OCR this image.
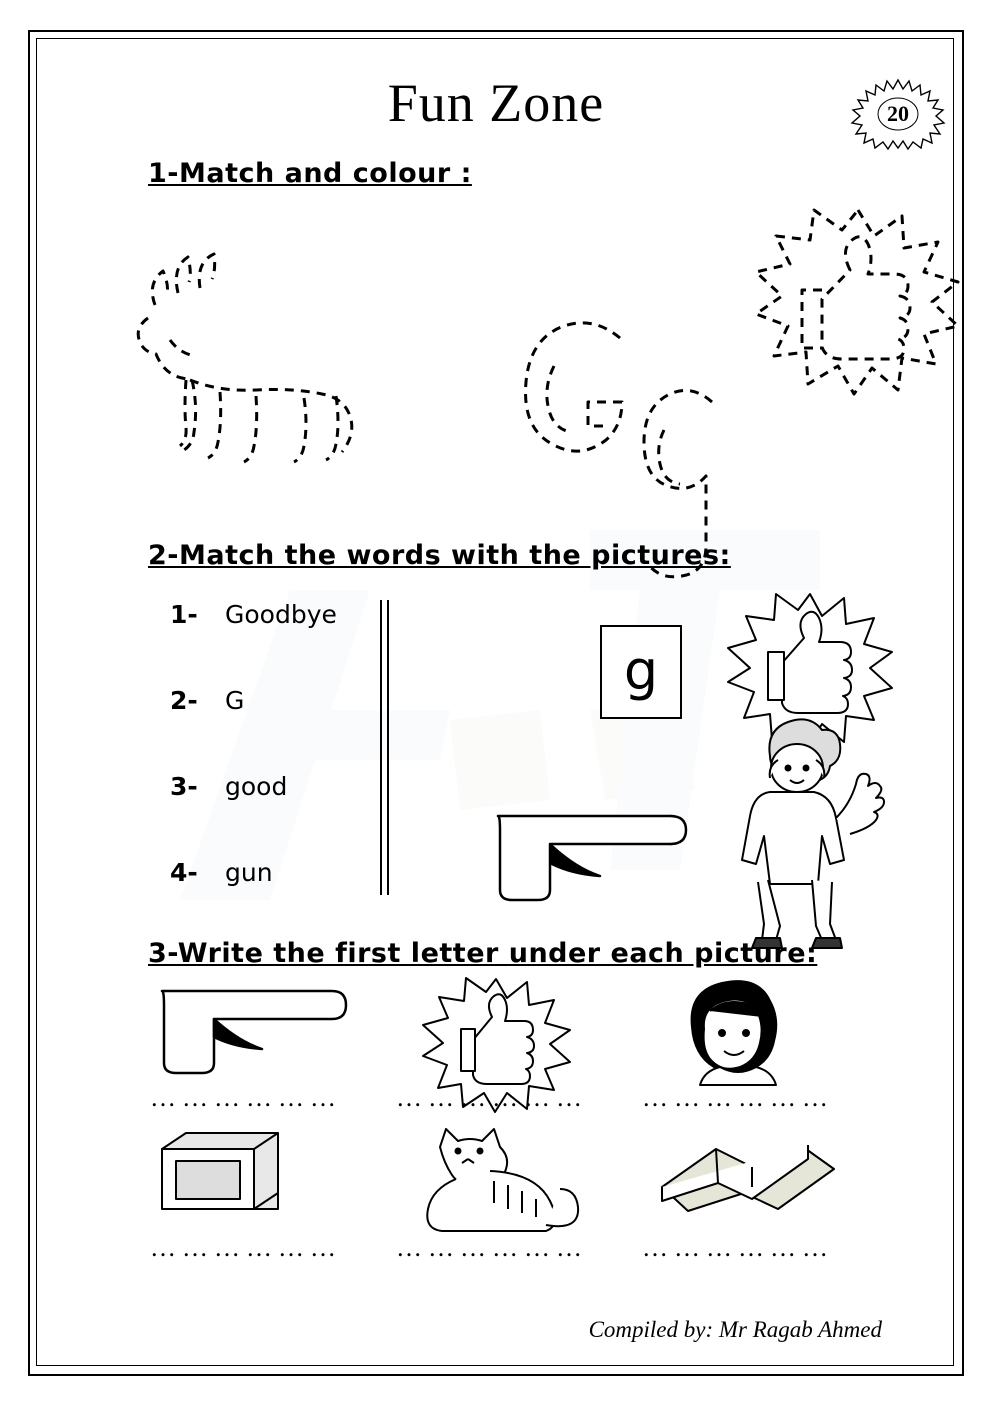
Fun Zone	20
1-Match and colour :
2-Match the words with the pictures:
1-	Goodbye
2-	G
3-	good
4-	gun
g
3-Write the first letter under each picture:
………………	………………	………………
………………	………………	………………
Compiled by: Mr Ragab Ahmed
